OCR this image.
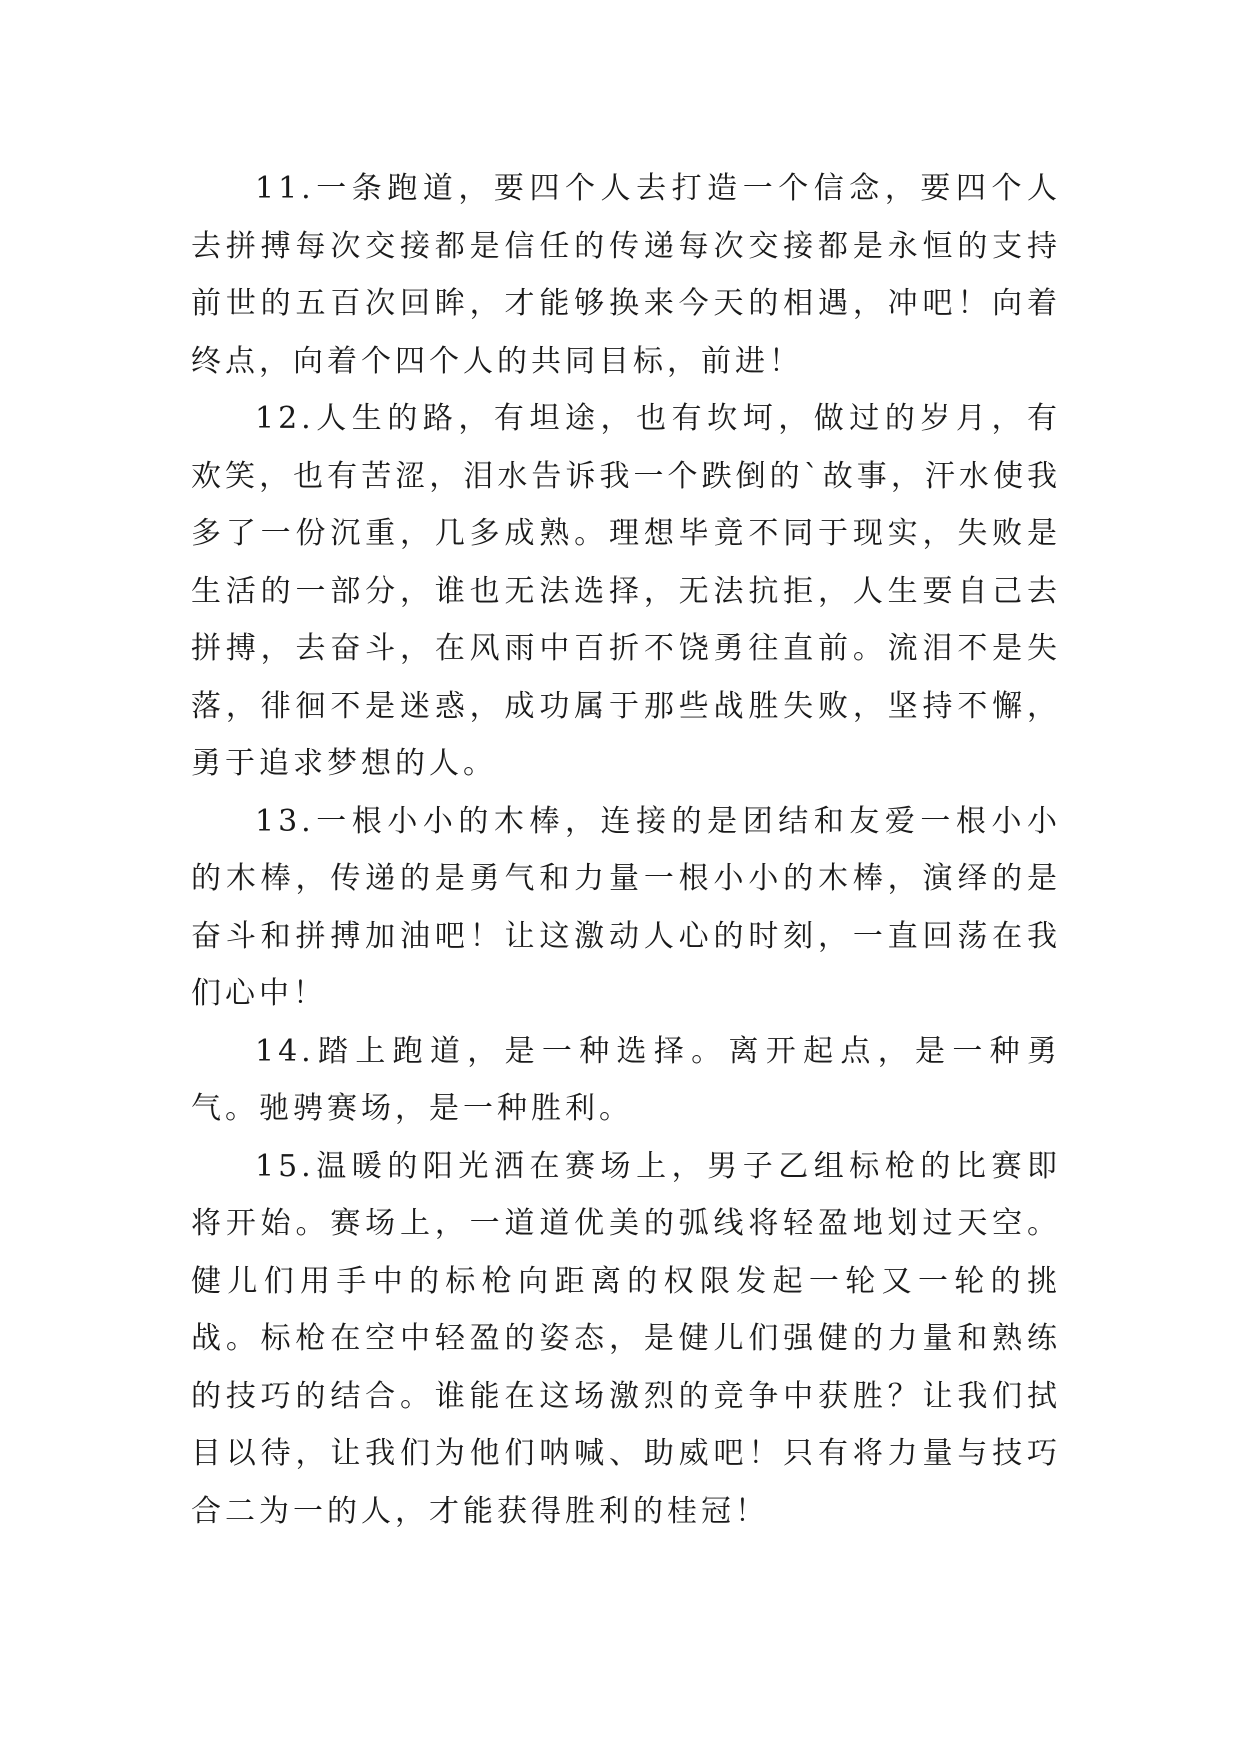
11.一条跑道，要四个人去打造一个信念，要四个人去拼搏每次交接都是信任的传递每次交接都是永恒的支持前世的五百次回眸，才能够换来今天的相遇，冲吧！向着终点，向着个四个人的共同目标，前进！

12.人生的路，有坦途，也有坎坷，做过的岁月，有欢笑，也有苦涩，泪水告诉我一个跌倒的`故事，汗水使我多了一份沉重，几多成熟。理想毕竟不同于现实，失败是生活的一部分，谁也无法选择，无法抗拒，人生要自己去拼搏，去奋斗，在风雨中百折不饶勇往直前。流泪不是失落，徘徊不是迷惑，成功属于那些战胜失败，坚持不懈，勇于追求梦想的人。

13.一根小小的木棒，连接的是团结和友爱一根小小的木棒，传递的是勇气和力量一根小小的木棒，演绎的是奋斗和拼搏加油吧！让这激动人心的时刻，一直回荡在我们心中！

14.踏上跑道，是一种选择。离开起点，是一种勇气。驰骋赛场，是一种胜利。

15.温暖的阳光洒在赛场上，男子乙组标枪的比赛即将开始。赛场上，一道道优美的弧线将轻盈地划过天空。健儿们用手中的标枪向距离的权限发起一轮又一轮的挑战。标枪在空中轻盈的姿态，是健儿们强健的力量和熟练的技巧的结合。谁能在这场激烈的竞争中获胜？让我们拭目以待，让我们为他们呐喊、助威吧！只有将力量与技巧合二为一的人，才能获得胜利的桂冠！
